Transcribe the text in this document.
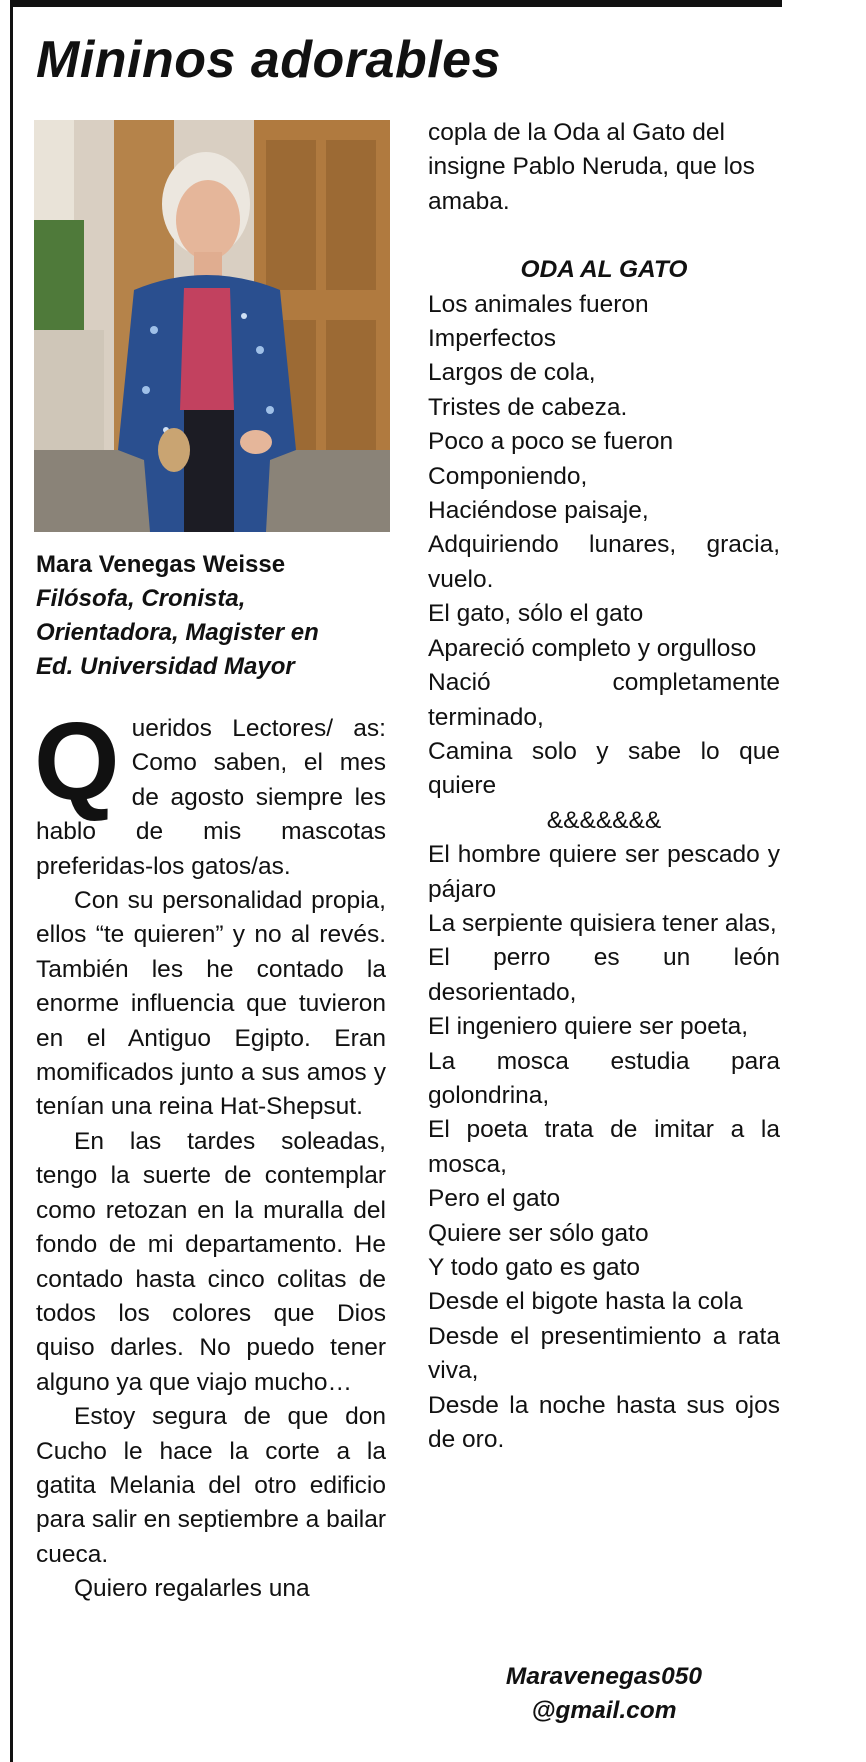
Mininos adorables
Mara Venegas Weisse
Filósofa, Cronista,
Orientadora, Magister en
Ed. Universidad Mayor

Queridos Lectores/ as: Como saben, el mes de agosto siempre les hablo de mis mascotas preferidas-los gatos/as.

Con su personalidad propia, ellos “te quieren” y no al revés. También les he contado la enorme influencia que tuvieron en el Antiguo Egipto. Eran momificados junto a sus amos y tenían una reina Hat-Shepsut.

En las tardes soleadas, tengo la suerte de contemplar como retozan en la muralla del fondo de mi departamento. He contado hasta cinco colitas de todos los colores que Dios quiso darles. No puedo tener alguno ya que viajo mucho…

Estoy segura de que don Cucho le hace la corte a la gatita Melania del otro edificio para salir en septiembre a bailar cueca.

Quiero regalarles una

copla de la Oda al Gato del insigne Pablo Neruda, que los amaba.

ODA AL GATO

Los animales fueron

Imperfectos

Largos de cola,

Tristes de cabeza.

Poco a poco se fueron

Componiendo,

Haciéndose paisaje,

Adquiriendo lunares, gracia, vuelo.

El gato, sólo el gato

Apareció completo y orgulloso

Nació completamente terminado,

Camina solo y sabe lo que quiere

&&&&&&&

El hombre quiere ser pescado y pájaro

La serpiente quisiera tener alas,

El perro es un león desorientado,

El ingeniero quiere ser poeta,

La mosca estudia para golondrina,

El poeta trata de imitar a la mosca,

Pero el gato

Quiere ser sólo gato

Y todo gato es gato

Desde el bigote hasta la cola

Desde el presentimiento a rata viva,

Desde la noche hasta sus ojos de oro.

Maravenegas050
@gmail.com
